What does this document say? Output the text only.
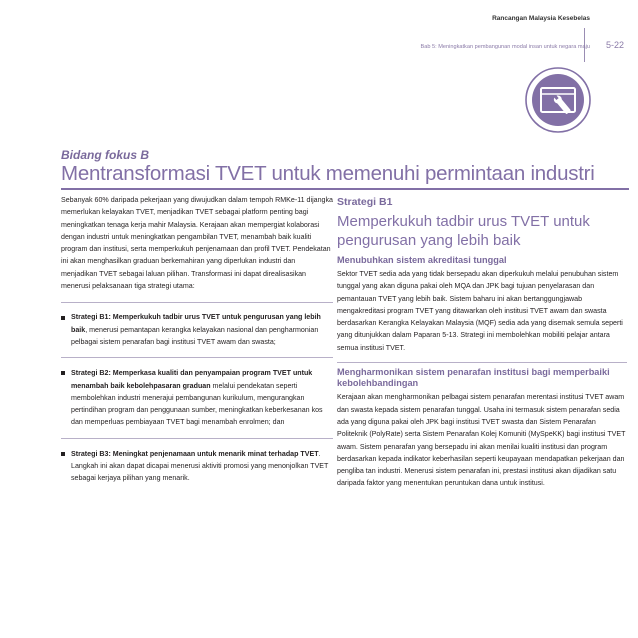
Rancangan Malaysia Kesebelas
Bab 5: Meningkatkan pembangunan modal insan untuk negara maju 5-22
Bidang fokus B
Mentransformasi TVET untuk memenuhi permintaan industri

Sebanyak 60% daripada pekerjaan yang diwujudkan dalam tempoh RMKe-11 dijangka memerlukan kelayakan TVET, menjadikan TVET sebagai platform penting bagi meningkatkan tenaga kerja mahir Malaysia. Kerajaan akan mempergiat kolaborasi dengan industri untuk meningkatkan pengambilan TVET, menambah baik kualiti program dan institusi, serta memperkukuh penjenamaan dan profil TVET. Pendekatan ini akan menghasilkan graduan berkemahiran yang diperlukan industri dan menjadikan TVET sebagai laluan pilihan. Transformasi ini dapat direalisasikan menerusi pelaksanaan tiga strategi utama:

Strategi B1: Memperkukuh tadbir urus TVET untuk pengurusan yang lebih baik, menerusi pemantapan kerangka kelayakan nasional dan pengharmonian pelbagai sistem penarafan bagi institusi TVET awam dan swasta;
Strategi B2: Memperkasa kualiti dan penyampaian program TVET untuk menambah baik kebolehpasaran graduan melalui pendekatan seperti membolehkan industri menerajui pembangunan kurikulum, mengurangkan pertindihan program dan penggunaan sumber, meningkatkan keberkesanan kos dan memperluas pembiayaan TVET bagi menambah enrolmen; dan
Strategi B3: Meningkat penjenamaan untuk menarik minat terhadap TVET. Langkah ini akan dapat dicapai menerusi aktiviti promosi yang menonjolkan TVET sebagai kerjaya pilihan yang menarik.
Strategi B1
Memperkukuh tadbir urus TVET untuk pengurusan yang lebih baik
Menubuhkan sistem akreditasi tunggal

Sektor TVET sedia ada yang tidak bersepadu akan diperkukuh melalui penubuhan sistem tunggal yang akan diguna pakai oleh MQA dan JPK bagi tujuan penyelarasan dan pemantauan TVET yang lebih baik. Sistem baharu ini akan bertanggungjawab mengakreditasi program TVET yang ditawarkan oleh institusi TVET awam dan swasta berdasarkan Kerangka Kelayakan Malaysia (MQF) sedia ada yang disemak semula seperti yang ditunjukkan dalam Paparan 5-13. Strategi ini membolehkan mobiliti pelajar antara semua institusi TVET.

Mengharmonikan sistem penarafan institusi bagi memperbaiki kebolehbandingan

Kerajaan akan mengharmonikan pelbagai sistem penarafan merentasi institusi TVET awam dan swasta kepada sistem penarafan tunggal. Usaha ini termasuk sistem penarafan sedia ada yang diguna pakai oleh JPK bagi institusi TVET swasta dan Sistem Penarafan Politeknik (PolyRate) serta Sistem Penarafan Kolej Komuniti (MySpeKK) bagi institusi TVET awam. Sistem penarafan yang bersepadu ini akan menilai kualiti institusi dan program berdasarkan kepada indikator keberhasilan seperti keupayaan mendapatkan pekerjaan dan pengliba tan industri. Menerusi sistem penarafan ini, prestasi institusi akan dijadikan satu daripada faktor yang menentukan peruntukan dana untuk institusi.
